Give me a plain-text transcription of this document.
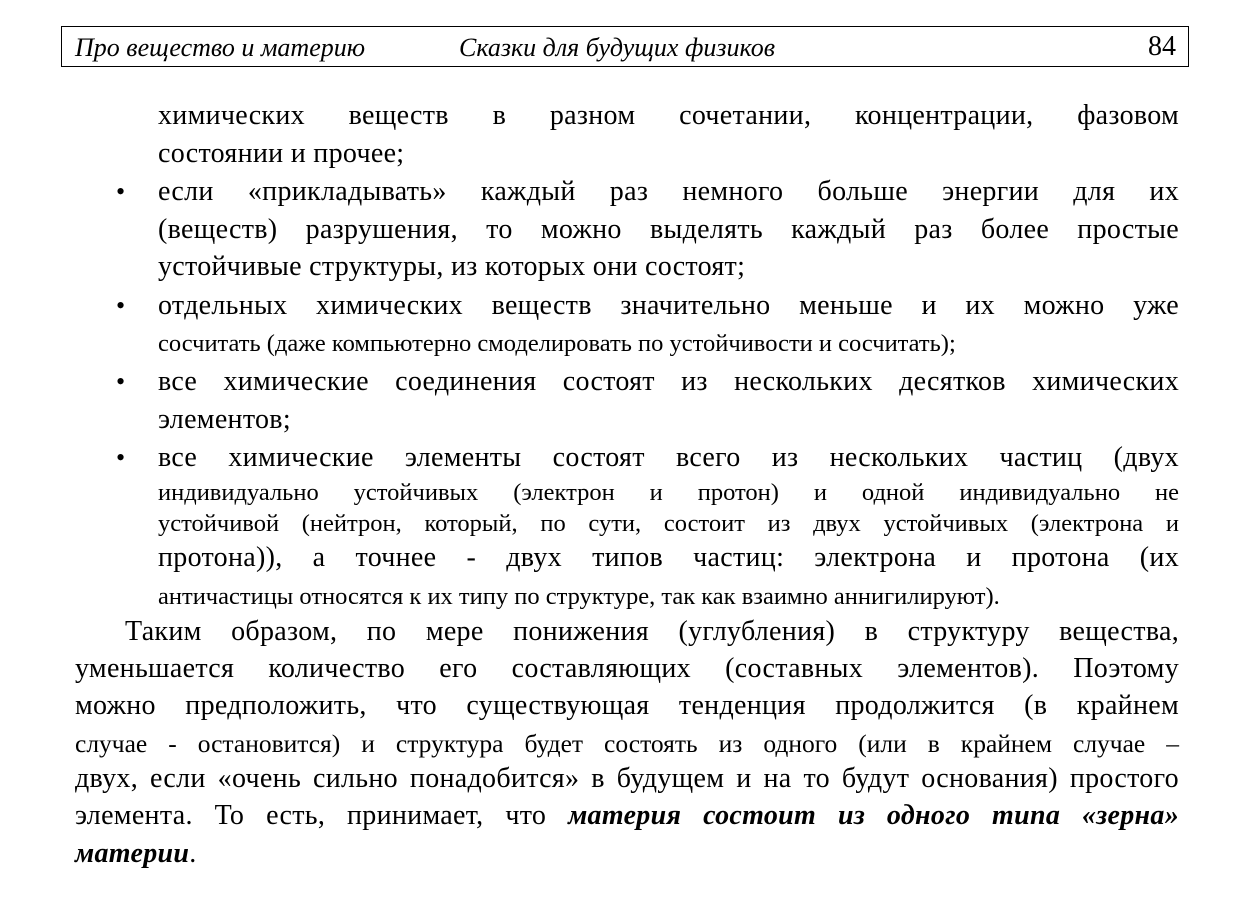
Про вещество и материю	Сказки для будущих физиков	84
химических веществ в разном сочетании, концентрации, фазовом
состоянии и прочее;
• если «прикладывать» каждый раз немного больше энергии для их
(веществ) разрушения, то можно выделять каждый раз более простые
устойчивые структуры, из которых они состоят;
• отдельных химических веществ значительно меньше и их можно уже
сосчитать (даже компьютерно смоделировать по устойчивости и сосчитать);
• все химические соединения состоят из нескольких десятков химических
элементов;
• все химические элементы состоят всего из нескольких частиц (двух
индивидуально устойчивых (электрон и протон) и одной индивидуально не
устойчивой (нейтрон, который, по сути, состоит из двух устойчивых (электрона и
протона)), а точнее - двух типов частиц: электрона и протона (их
античастицы относятся к их типу по структуре, так как взаимно аннигилируют).
Таким образом, по мере понижения (углубления) в структуру вещества,
уменьшается количество его составляющих (составных элементов). Поэтому
можно предположить, что существующая тенденция продолжится (в крайнем
случае - остановится) и структура будет состоять из одного (или в крайнем случае –
двух, если «очень сильно понадобится» в будущем и на то будут основания) простого
элемента. То есть, принимает, что материя состоит из одного типа «зерна»
материи.
